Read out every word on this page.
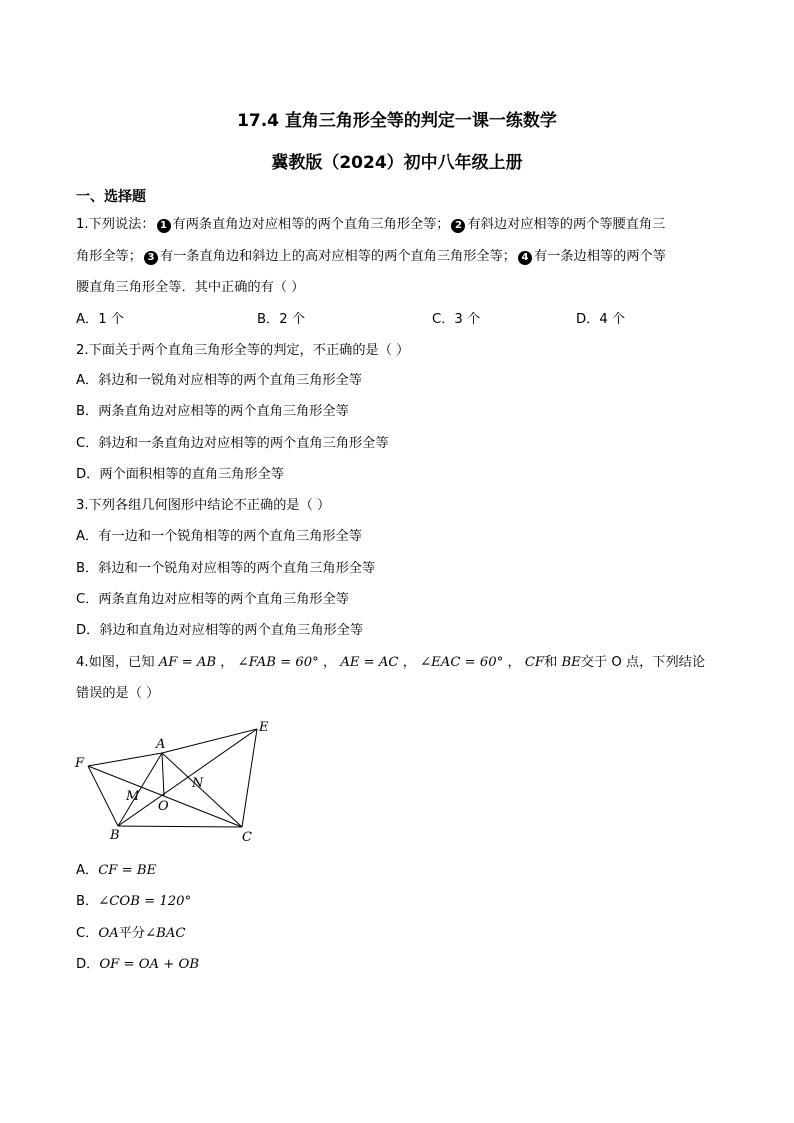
17.4 直角三角形全等的判定一课一练数学
冀教版（2024）初中八年级上册
一、选择题
1.下列说法： 1 有两条直角边对应相等的两个直角三角形全等； 2 有斜边对应相等的两个等腰直角三
角形全等； 3 有一条直角边和斜边上的高对应相等的两个直角三角形全等； 4 有一条边相等的两个等
腰直角三角形全等．其中正确的有（ ）
A．1 个	B．2 个	C．3 个	D．4 个
2.下面关于两个直角三角形全等的判定，不正确的是（ ）
A．斜边和一锐角对应相等的两个直角三角形全等
B．两条直角边对应相等的两个直角三角形全等
C．斜边和一条直角边对应相等的两个直角三角形全等
D．两个面积相等的直角三角形全等
3.下列各组几何图形中结论不正确的是（ ）
A．有一边和一个锐角相等的两个直角三角形全等
B．斜边和一个锐角对应相等的两个直角三角形全等
C．两条直角边对应相等的两个直角三角形全等
D．斜边和直角边对应相等的两个直角三角形全等
4.如图，已知 AF = AB ， ∠FAB = 60° ， AE = AC ， ∠EAC = 60° ， CF和 BE交于 O 点，下列结论
错误的是（ ）
F
A
E
M
N
O
B	C
A．CF = BE
B．∠COB = 120°
C．OA平分∠BAC
D．OF = OA + OB
